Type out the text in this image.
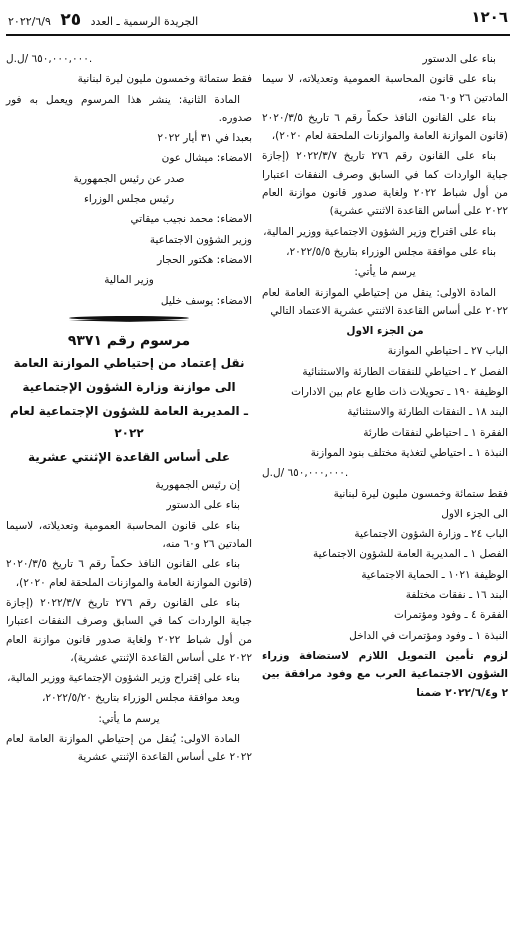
١٢٠٦
الجريدة الرسمية ـ العدد ٢٥ ٢٠٢٢/٦/٩

بناء على الدستور

بناء على قانون المحاسبة العمومية وتعديلاته، لا سيما المادتين ٢٦ و٦٠ منه،

بناء على القانون النافذ حكماً رقم ٦ تاريخ ٢٠٢٠/٣/٥ (قانون الموازنة العامة والموازنات الملحقة لعام ٢٠٢٠)،

بناء على القانون رقم ٢٧٦ تاريخ ٢٠٢٢/٣/٧ (إجازة جباية الواردات كما في السابق وصرف النفقات اعتبارا من أول شباط ٢٠٢٢ ولغاية صدور قانون موازنة العام ٢٠٢٢ على أساس القاعدة الاثنتي عشرية)

بناء على اقتراح وزير الشؤون الاجتماعية ووزير المالية،

بناء على موافقة مجلس الوزراء بتاريخ ٢٠٢٢/٥/٥،

يرسم ما يأتي:

المادة الاولى: ينقل من إحتياطي الموازنة العامة لعام ٢٠٢٢ على أساس القاعدة الاثنتي عشرية الاعتماد التالي

من الجزء الاول

الباب ٢٧ ـ احتياطي الموازنة

الفصل ٢ ـ احتياطي للنفقات الطارئة والاستثنائية

الوظيفة ١٩٠ ـ تحويلات ذات طابع عام بين الادارات

البند ١٨ ـ النفقات الطارئة والاستثنائية

الفقرة ١ ـ احتياطي لنفقات طارئة

النبذة ١ ـ احتياطي لتغذية مختلف بنود الموازنة

٦٥٠,٠٠٠,٠٠٠ /ل.ل.

فقط ستمائة وخمسون مليون ليرة لبنانية

الى الجزء الاول

الباب ٢٤ ـ وزارة الشؤون الاجتماعية

الفصل ١ ـ المديرية العامة للشؤون الاجتماعية

الوظيفة ١٠٢١ ـ الحماية الاجتماعية

البند ١٦ ـ نفقات مختلفة

الفقرة ٤ ـ وفود ومؤتمرات

النبذة ١ ـ وفود ومؤتمرات في الداخل

لزوم تأمين التمويل اللازم لاستضافة وزراء الشؤون الاجتماعية العرب مع وفود مرافقة بين ٢ و٢٠٢٢/٦/٤ ضمنا

٦٥٠,٠٠٠,٠٠٠ /ل.ل.

فقط ستمائة وخمسون مليون ليرة لبنانية

المادة الثانية: ينشر هذا المرسوم ويعمل به فور صدوره.

بعبدا في ٣١ أيار ٢٠٢٢

الامضاء: ميشال عون

صدر عن رئيس الجمهورية

رئيس مجلس الوزراء

الامضاء: محمد نجيب ميقاتي

وزير الشؤون الاجتماعية

الامضاء: هكتور الحجار

وزير المالية

الامضاء: يوسف خليل

مرسوم رقم ٩٣٧١

نقل إعتماد من إحتياطي الموازنة العامة

الى موازنة وزارة الشؤون الإجتماعية

ـ المديرية العامة للشؤون الإجتماعية لعام ٢٠٢٢

على أساس القاعدة الإثنتي عشرية

إن رئيس الجمهورية

بناء على الدستور

بناء على قانون المحاسبة العمومية وتعديلاته، لاسيما المادتين ٢٦ و٦٠ منه،

بناء على القانون النافذ حكماً رقم ٦ تاريخ ٢٠٢٠/٣/٥ (قانون الموازنة العامة والموازنات الملحقة لعام ٢٠٢٠)،

بناء على القانون رقم ٢٧٦ تاريخ ٢٠٢٢/٣/٧ (إجازة جباية الواردات كما في السابق وصرف النفقات اعتبارا من أول شباط ٢٠٢٢ ولغاية صدور قانون موازنة العام ٢٠٢٢ على أساس القاعدة الإثنتي عشرية)،

بناء على إقتراح وزير الشؤون الإجتماعية ووزير المالية،

وبعد موافقة مجلس الوزراء بتاريخ ٢٠٢٢/٥/٢٠،

يرسم ما يأتي:

المادة الاولى: يُنقل من إحتياطي الموازنة العامة لعام ٢٠٢٢ على أساس القاعدة الإثنتي عشرية
